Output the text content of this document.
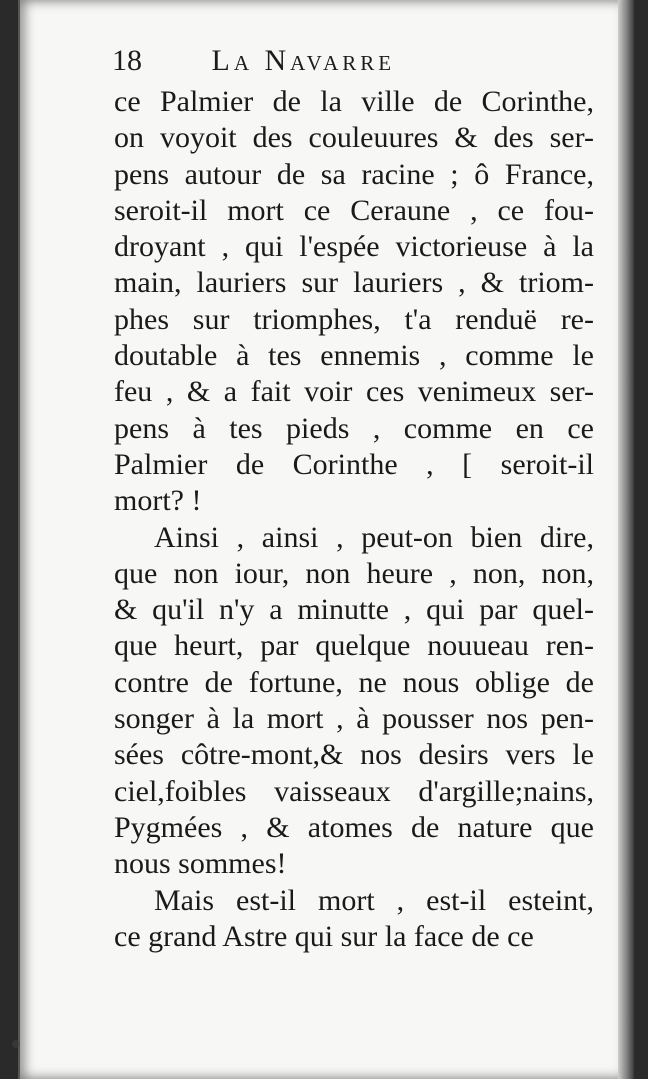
18 La Navarre
ce Palmier de la ville de Corinthe,
on voyoit des couleuures & des ser-
pens autour de sa racine ; ô France,
seroit-il mort ce Ceraune , ce fou-
droyant , qui l'espée victorieuse à la
main, lauriers sur lauriers , & triom-
phes sur triomphes, t'a renduë re-
doutable à tes ennemis , comme le
feu , & a fait voir ces venimeux ser-
pens à tes pieds , comme en ce
Palmier de Corinthe , [ seroit-il
mort? !
Ainsi , ainsi , peut-on bien dire,
que non iour, non heure , non, non,
& qu'il n'y a minutte , qui par quel-
que heurt, par quelque nouueau ren-
contre de fortune, ne nous oblige de
songer à la mort , à pousser nos pen-
sées côtre-mont,& nos desirs vers le
ciel,foibles vaisseaux d'argille;nains,
Pygmées , & atomes de nature que
nous sommes!
Mais est-il mort , est-il esteint,
ce grand Astre qui sur la face de ce
